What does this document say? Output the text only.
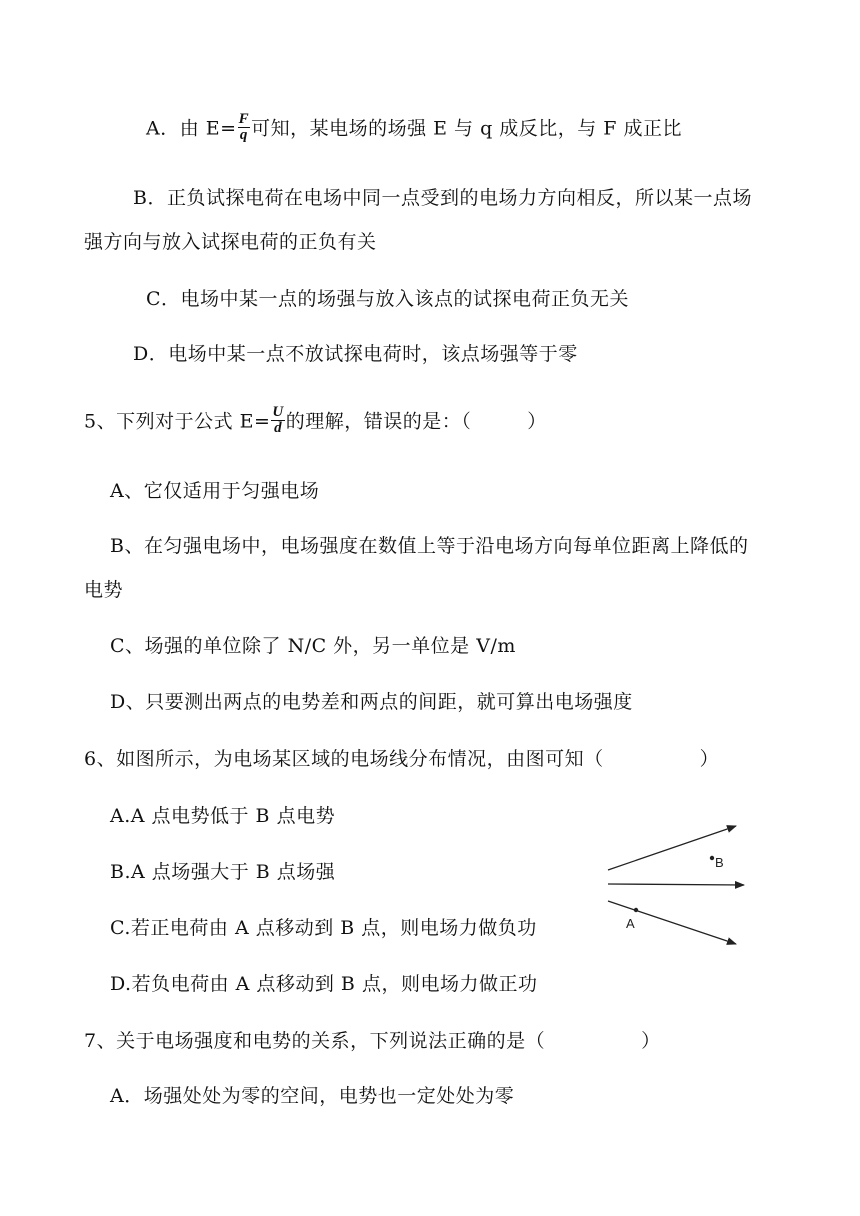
A．由 $E= \frac{F}{q}$ 可知，某电场的场强 E 与 q 成反比，与 F 成正比
B．正负试探电荷在电场中同一点受到的电场力方向相反，所以某一点场
强方向与放入试探电荷的正负有关
C．电场中某一点的场强与放入该点的试探电荷正负无关
D．电场中某一点不放试探电荷时，该点场强等于零
5、下列对于公式 $E= \frac{U}{d}$ 的理解，错误的是：（	）
A、它仅适用于匀强电场
B、在匀强电场中，电场强度在数值上等于沿电场方向每单位距离上降低的
电势
C、场强的单位除了 N/C 外，另一单位是 V/m
D、只要测出两点的电势差和两点的间距，就可算出电场强度
6、如图所示，为电场某区域的电场线分布情况，由图可知（	）
A.A 点电势低于 B 点电势
B.A 点场强大于 B 点场强
C.若正电荷由 A 点移动到 B 点，则电场力做负功
D.若负电荷由 A 点移动到 B 点，则电场力做正功
B
A
7、关于电场强度和电势的关系，下列说法正确的是（	）
A．场强处处为零的空间，电势也一定处处为零
